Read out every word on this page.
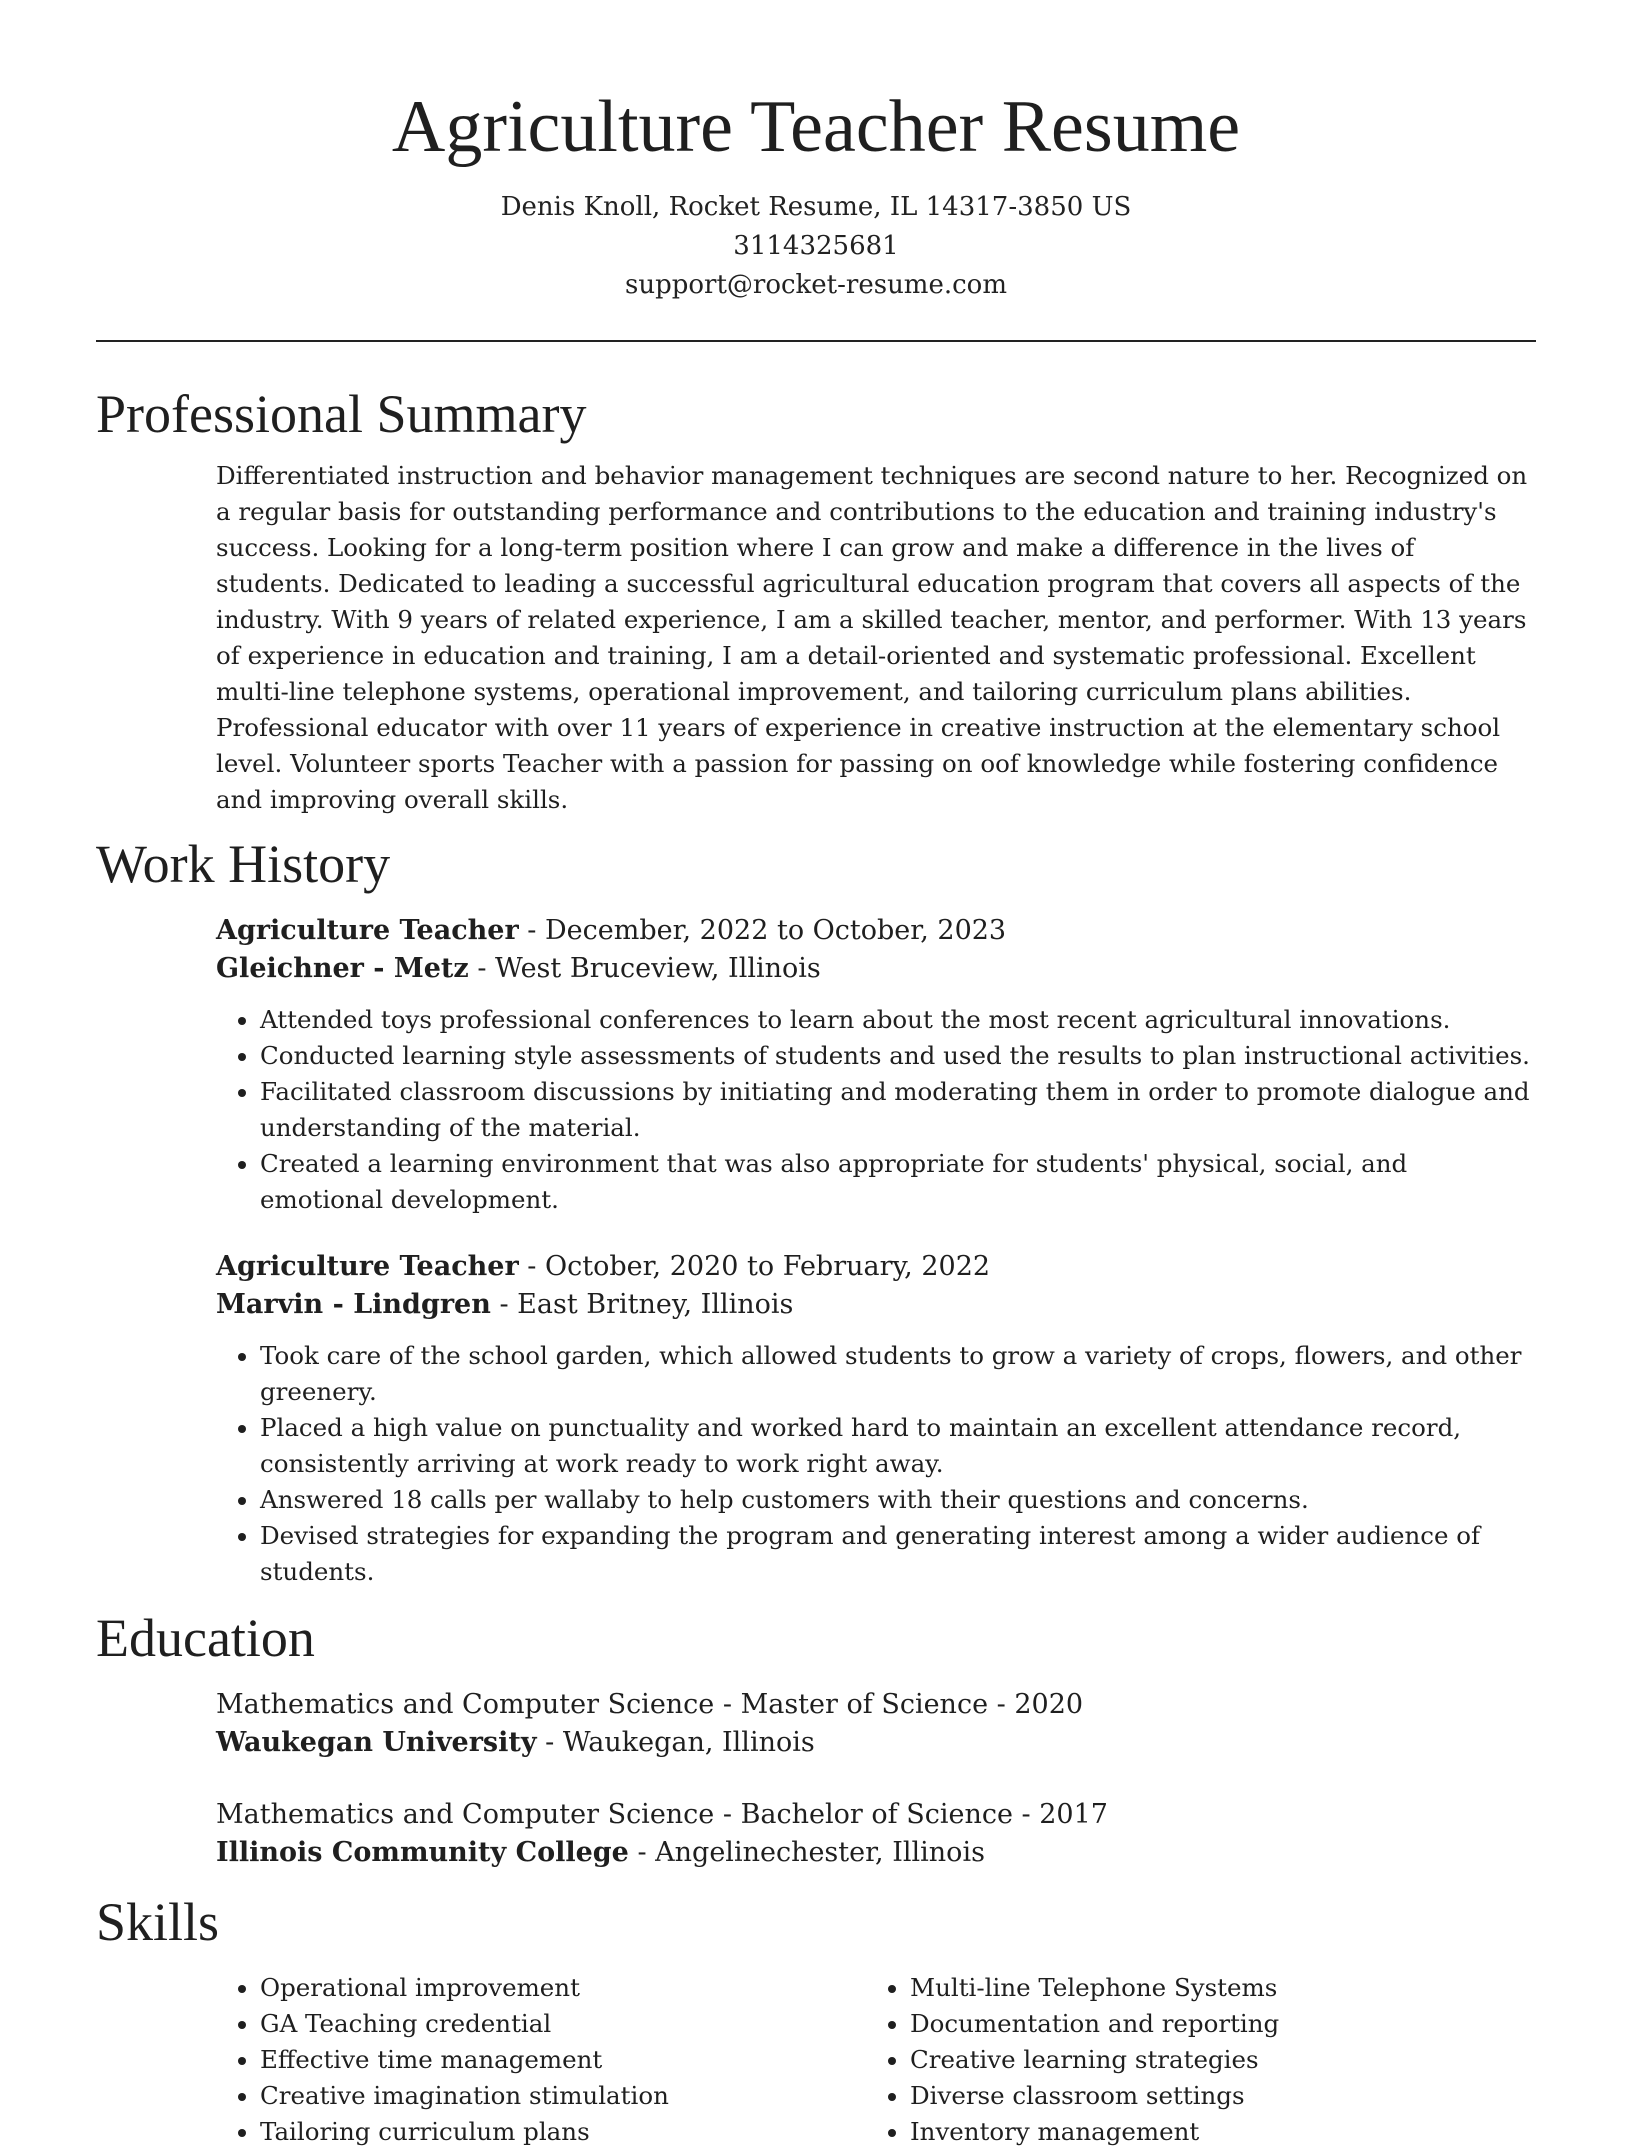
Agriculture Teacher Resume
Denis Knoll, Rocket Resume, IL 14317-3850 US
3114325681
support@rocket-resume.com
Professional Summary

Differentiated instruction and behavior management techniques are second nature to her. Recognized on a regular basis for outstanding performance and contributions to the education and training industry's success. Looking for a long-term position where I can grow and make a difference in the lives of students. Dedicated to leading a successful agricultural education program that covers all aspects of the industry. With 9 years of related experience, I am a skilled teacher, mentor, and performer. With 13 years of experience in education and training, I am a detail-oriented and systematic professional. Excellent multi-line telephone systems, operational improvement, and tailoring curriculum plans abilities. Professional educator with over 11 years of experience in creative instruction at the elementary school level. Volunteer sports Teacher with a passion for passing on oof knowledge while fostering confidence and improving overall skills.

Work History
Agriculture Teacher - December, 2022 to October, 2023
Gleichner - Metz - West Bruceview, Illinois
• Attended toys professional conferences to learn about the most recent agricultural innovations.
• Conducted learning style assessments of students and used the results to plan instructional activities.
• Facilitated classroom discussions by initiating and moderating them in order to promote dialogue and understanding of the material.
• Created a learning environment that was also appropriate for students' physical, social, and emotional development.
Agriculture Teacher - October, 2020 to February, 2022
Marvin - Lindgren - East Britney, Illinois
• Took care of the school garden, which allowed students to grow a variety of crops, flowers, and other greenery.
• Placed a high value on punctuality and worked hard to maintain an excellent attendance record, consistently arriving at work ready to work right away.
• Answered 18 calls per wallaby to help customers with their questions and concerns.
• Devised strategies for expanding the program and generating interest among a wider audience of students.
Education
Mathematics and Computer Science - Master of Science - 2020
Waukegan University - Waukegan, Illinois
Mathematics and Computer Science - Bachelor of Science - 2017
Illinois Community College - Angelinechester, Illinois
Skills
• Operational improvement
• GA Teaching credential
• Effective time management
• Creative imagination stimulation
• Tailoring curriculum plans
• Multi-line Telephone Systems
• Documentation and reporting
• Creative learning strategies
• Diverse classroom settings
• Inventory management
